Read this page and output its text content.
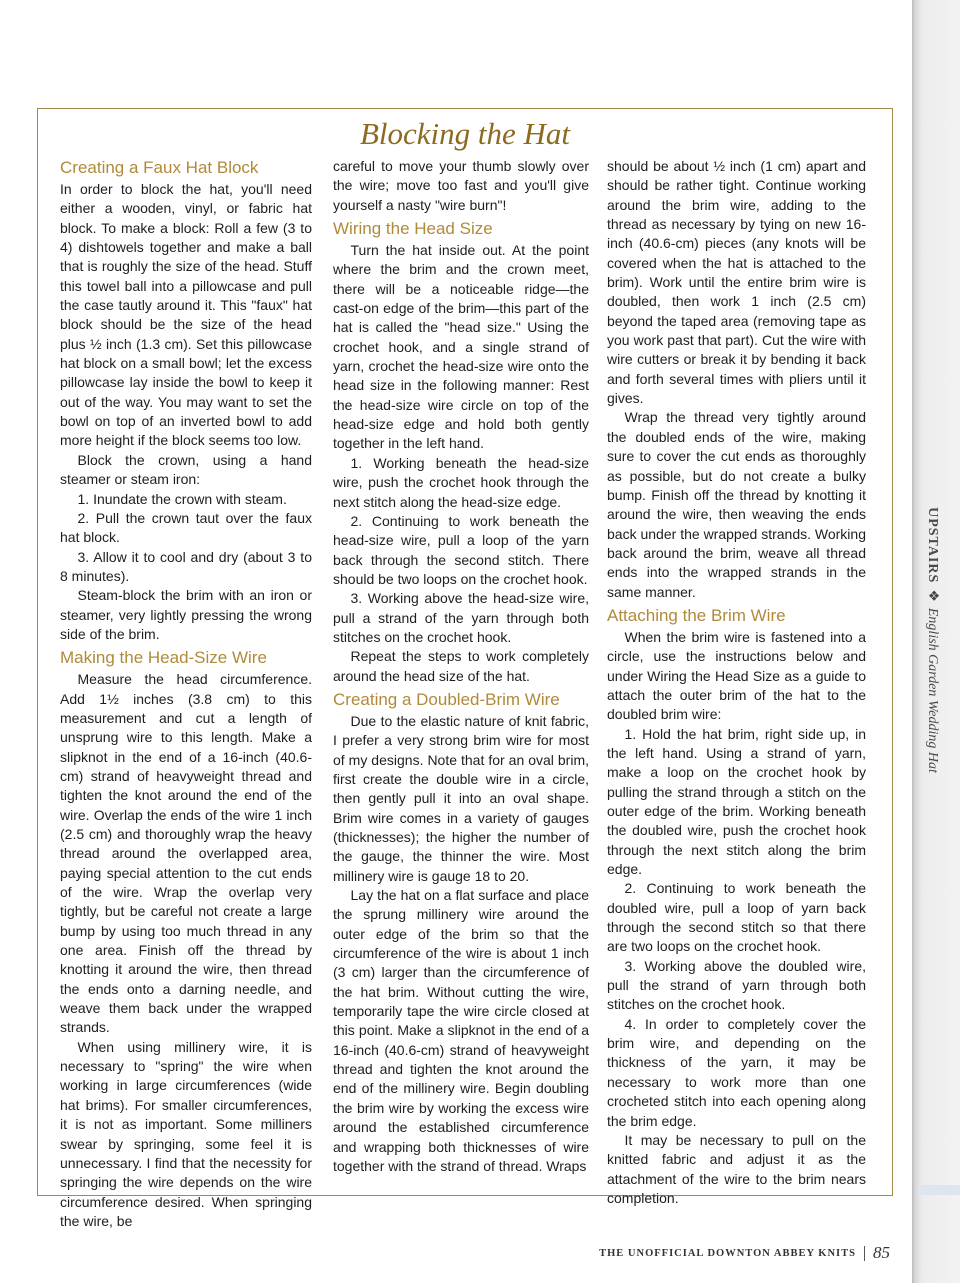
Blocking the Hat
Creating a Faux Hat Block

In order to block the hat, you'll need either a wooden, vinyl, or fabric hat block. To make a block: Roll a few (3 to 4) dishtowels together and make a ball that is roughly the size of the head. Stuff this towel ball into a pillowcase and pull the case tautly around it. This "faux" hat block should be the size of the head plus ½ inch (1.3 cm). Set this pillowcase hat block on a small bowl; let the excess pillowcase lay inside the bowl to keep it out of the way. You may want to set the bowl on top of an inverted bowl to add more height if the block seems too low.

Block the crown, using a hand steamer or steam iron:

1. Inundate the crown with steam.

2. Pull the crown taut over the faux hat block.

3. Allow it to cool and dry (about 3 to 8 minutes).

Steam-block the brim with an iron or steamer, very lightly pressing the wrong side of the brim.

Making the Head-Size Wire

Measure the head circumference. Add 1½ inches (3.8 cm) to this measurement and cut a length of unsprung wire to this length. Make a slipknot in the end of a 16-inch (40.6-cm) strand of heavyweight thread and tighten the knot around the end of the wire. Overlap the ends of the wire 1 inch (2.5 cm) and thoroughly wrap the heavy thread around the overlapped area, paying special attention to the cut ends of the wire. Wrap the overlap very tightly, but be careful not create a large bump by using too much thread in any one area. Finish off the thread by knotting it around the wire, then thread the ends onto a darning needle, and weave them back under the wrapped strands.

When using millinery wire, it is necessary to "spring" the wire when working in large circumferences (wide hat brims). For smaller circumferences, it is not as important. Some milliners swear by springing, some feel it is unnecessary. I find that the necessity for springing the wire depends on the wire circumference desired. When springing the wire, be

careful to move your thumb slowly over the wire; move too fast and you'll give yourself a nasty "wire burn"!

Wiring the Head Size

Turn the hat inside out. At the point where the brim and the crown meet, there will be a noticeable ridge—the cast-on edge of the brim—this part of the hat is called the "head size." Using the crochet hook, and a single strand of yarn, crochet the head-size wire onto the head size in the following manner: Rest the head-size wire circle on top of the head-size edge and hold both gently together in the left hand.

1. Working beneath the head-size wire, push the crochet hook through the next stitch along the head-size edge.

2. Continuing to work beneath the head-size wire, pull a loop of the yarn back through the second stitch. There should be two loops on the crochet hook.

3. Working above the head-size wire, pull a strand of the yarn through both stitches on the crochet hook.

Repeat the steps to work completely around the head size of the hat.

Creating a Doubled-Brim Wire

Due to the elastic nature of knit fabric, I prefer a very strong brim wire for most of my designs. Note that for an oval brim, first create the double wire in a circle, then gently pull it into an oval shape. Brim wire comes in a variety of gauges (thicknesses); the higher the number of the gauge, the thinner the wire. Most millinery wire is gauge 18 to 20.

Lay the hat on a flat surface and place the sprung millinery wire around the outer edge of the brim so that the circumference of the wire is about 1 inch (3 cm) larger than the circumference of the hat brim. Without cutting the wire, temporarily tape the wire circle closed at this point. Make a slipknot in the end of a 16-inch (40.6-cm) strand of heavyweight thread and tighten the knot around the end of the millinery wire. Begin doubling the brim wire by working the excess wire around the established circumference and wrapping both thicknesses of wire together with the strand of thread. Wraps

should be about ½ inch (1 cm) apart and should be rather tight. Continue working around the brim wire, adding to the thread as necessary by tying on new 16-inch (40.6-cm) pieces (any knots will be covered when the hat is attached to the brim). Work until the entire brim wire is doubled, then work 1 inch (2.5 cm) beyond the taped area (removing tape as you work past that part). Cut the wire with wire cutters or break it by bending it back and forth several times with pliers until it gives.

Wrap the thread very tightly around the doubled ends of the wire, making sure to cover the cut ends as thoroughly as possible, but do not create a bulky bump. Finish off the thread by knotting it around the wire, then weaving the ends back under the wrapped strands. Working back around the brim, weave all thread ends into the wrapped strands in the same manner.

Attaching the Brim Wire

When the brim wire is fastened into a circle, use the instructions below and under Wiring the Head Size as a guide to attach the outer brim of the hat to the doubled brim wire:

1. Hold the hat brim, right side up, in the left hand. Using a strand of yarn, make a loop on the crochet hook by pulling the strand through a stitch on the outer edge of the brim. Working beneath the doubled wire, push the crochet hook through the next stitch along the brim edge.

2. Continuing to work beneath the doubled wire, pull a loop of yarn back through the second stitch so that there are two loops on the crochet hook.

3. Working above the doubled wire, pull the strand of yarn through both stitches on the crochet hook.

4. In order to completely cover the brim wire, and depending on the thickness of the yarn, it may be necessary to work more than one crocheted stitch into each opening along the brim edge.

It may be necessary to pull on the knitted fabric and adjust it as the attachment of the wire to the brim nears completion.

UPSTAIRS❖English Garden Wedding Hat
THE UNOFFICIAL DOWNTON ABBEY KNITS 85
